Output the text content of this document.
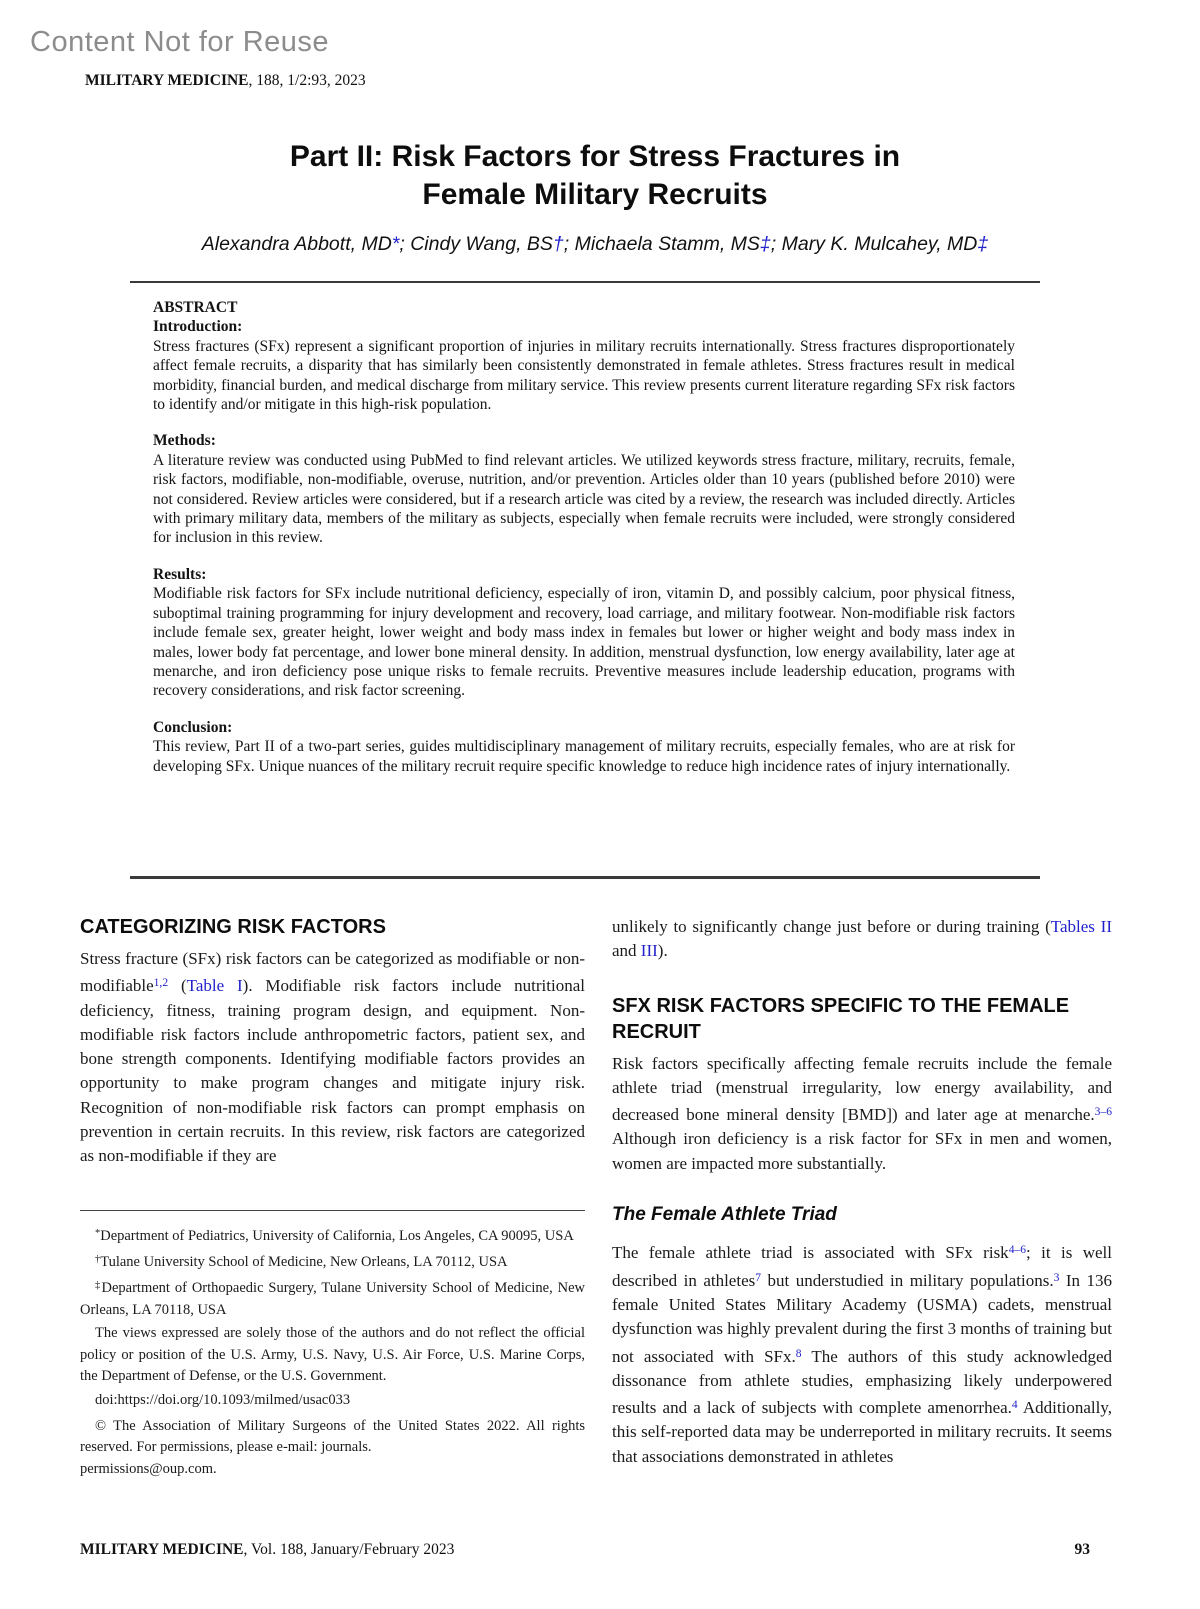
Content Not for Reuse
MILITARY MEDICINE, 188, 1/2:93, 2023
Part II: Risk Factors for Stress Fractures in
Female Military Recruits
Alexandra Abbott, MD*; Cindy Wang, BS†; Michaela Stamm, MS‡; Mary K. Mulcahey, MD‡
ABSTRACT
Introduction:
Stress fractures (SFx) represent a significant proportion of injuries in military recruits internationally. Stress fractures disproportionately affect female recruits, a disparity that has similarly been consistently demonstrated in female athletes. Stress fractures result in medical morbidity, financial burden, and medical discharge from military service. This review presents current literature regarding SFx risk factors to identify and/or mitigate in this high-risk population.
Methods:
A literature review was conducted using PubMed to find relevant articles. We utilized keywords stress fracture, military, recruits, female, risk factors, modifiable, non-modifiable, overuse, nutrition, and/or prevention. Articles older than 10 years (published before 2010) were not considered. Review articles were considered, but if a research article was cited by a review, the research was included directly. Articles with primary military data, members of the military as subjects, especially when female recruits were included, were strongly considered for inclusion in this review.
Results:
Modifiable risk factors for SFx include nutritional deficiency, especially of iron, vitamin D, and possibly calcium, poor physical fitness, suboptimal training programming for injury development and recovery, load carriage, and military footwear. Non-modifiable risk factors include female sex, greater height, lower weight and body mass index in females but lower or higher weight and body mass index in males, lower body fat percentage, and lower bone mineral density. In addition, menstrual dysfunction, low energy availability, later age at menarche, and iron deficiency pose unique risks to female recruits. Preventive measures include leadership education, programs with recovery considerations, and risk factor screening.
Conclusion:
This review, Part II of a two-part series, guides multidisciplinary management of military recruits, especially females, who are at risk for developing SFx. Unique nuances of the military recruit require specific knowledge to reduce high incidence rates of injury internationally.
CATEGORIZING RISK FACTORS

Stress fracture (SFx) risk factors can be categorized as modifiable or non-modifiable$^{1,2}$ (Table I). Modifiable risk factors include nutritional deficiency, fitness, training program design, and equipment. Non-modifiable risk factors include anthropometric factors, patient sex, and bone strength components. Identifying modifiable factors provides an opportunity to make program changes and mitigate injury risk. Recognition of non-modifiable risk factors can prompt emphasis on prevention in certain recruits. In this review, risk factors are categorized as non-modifiable if they are

*Department of Pediatrics, University of California, Los Angeles, CA 90095, USA

†Tulane University School of Medicine, New Orleans, LA 70112, USA

‡Department of Orthopaedic Surgery, Tulane University School of Medicine, New Orleans, LA 70118, USA

The views expressed are solely those of the authors and do not reflect the official policy or position of the U.S. Army, U.S. Navy, U.S. Air Force, U.S. Marine Corps, the Department of Defense, or the U.S. Government.

doi:https://doi.org/10.1093/milmed/usac033

© The Association of Military Surgeons of the United States 2022. All rights reserved. For permissions, please e-mail: journals.
permissions@oup.com.

unlikely to significantly change just before or during training (Tables II and III).

SFX RISK FACTORS SPECIFIC TO THE FEMALE RECRUIT

Risk factors specifically affecting female recruits include the female athlete triad (menstrual irregularity, low energy availability, and decreased bone mineral density [BMD]) and later age at menarche.$^{3-6}$ Although iron deficiency is a risk factor for SFx in men and women, women are impacted more substantially.

The Female Athlete Triad

The female athlete triad is associated with SFx risk$^{4-6}$; it is well described in athletes$^7$ but understudied in military populations.$^3$ In 136 female United States Military Academy (USMA) cadets, menstrual dysfunction was highly prevalent during the first 3 months of training but not associated with SFx.$^8$ The authors of this study acknowledged dissonance from athlete studies, emphasizing likely underpowered results and a lack of subjects with complete amenorrhea.$^4$ Additionally, this self-reported data may be underreported in military recruits. It seems that associations demonstrated in athletes

MILITARY MEDICINE, Vol. 188, January/February 2023	93
